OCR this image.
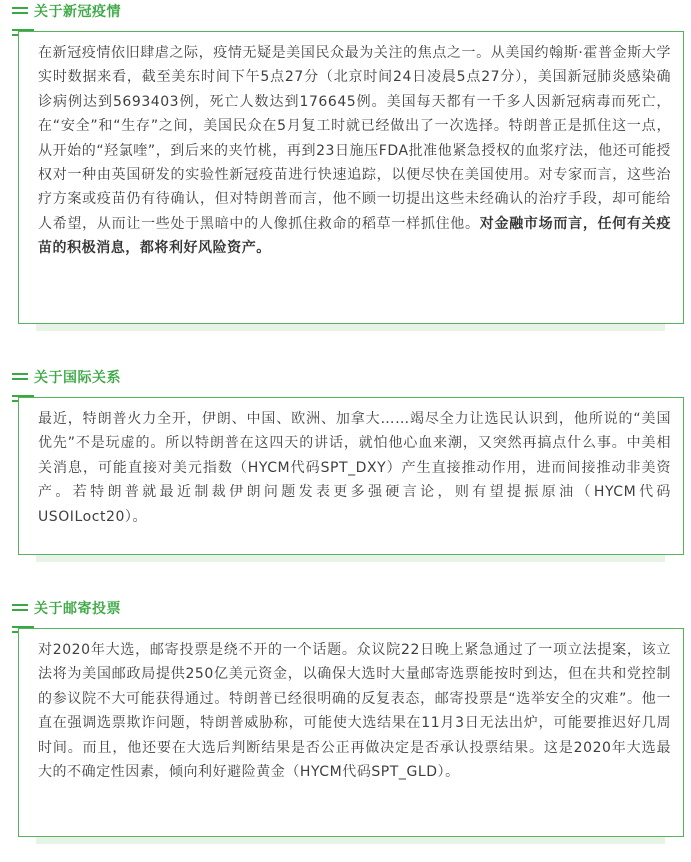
关于新冠疫情

在新冠疫情依旧肆虐之际，疫情无疑是美国民众最为关注的焦点之一。从美国约翰斯·霍普金斯大学实时数据来看，截至美东时间下午5点27分（北京时间24日凌晨5点27分），美国新冠肺炎感染确诊病例达到5693403例，死亡人数达到176645例。美国每天都有一千多人因新冠病毒而死亡，在“安全”和“生存”之间，美国民众在5月复工时就已经做出了一次选择。特朗普正是抓住这一点，从开始的“羟氯喹”，到后来的夹竹桃，再到23日施压FDA批准他紧急授权的血浆疗法，他还可能授权对一种由英国研发的实验性新冠疫苗进行快速追踪，以便尽快在美国使用。对专家而言，这些治疗方案或疫苗仍有待确认，但对特朗普而言，他不顾一切提出这些未经确认的治疗手段，却可能给人希望，从而让一些处于黑暗中的人像抓住救命的稻草一样抓住他。对金融市场而言，任何有关疫苗的积极消息，都将利好风险资产。

关于国际关系

最近，特朗普火力全开，伊朗、中国、欧洲、加拿大……竭尽全力让选民认识到，他所说的“美国优先”不是玩虚的。所以特朗普在这四天的讲话，就怕他心血来潮，又突然再搞点什么事。中美相关消息，可能直接对美元指数（HYCM代码SPT_DXY）产生直接推动作用，进而间接推动非美资产。若特朗普就最近制裁伊朗问题发表更多强硬言论，则有望提振原油（HYCM代码USOILoct20）。

关于邮寄投票

对2020年大选，邮寄投票是绕不开的一个话题。众议院22日晚上紧急通过了一项立法提案，该立法将为美国邮政局提供250亿美元资金，以确保大选时大量邮寄选票能按时到达，但在共和党控制的参议院不大可能获得通过。特朗普已经很明确的反复表态，邮寄投票是“选举安全的灾难”。他一直在强调选票欺诈问题，特朗普威胁称，可能使大选结果在11月3日无法出炉，可能要推迟好几周时间。而且，他还要在大选后判断结果是否公正再做决定是否承认投票结果。这是2020年大选最大的不确定性因素，倾向利好避险黄金（HYCM代码SPT_GLD）。
